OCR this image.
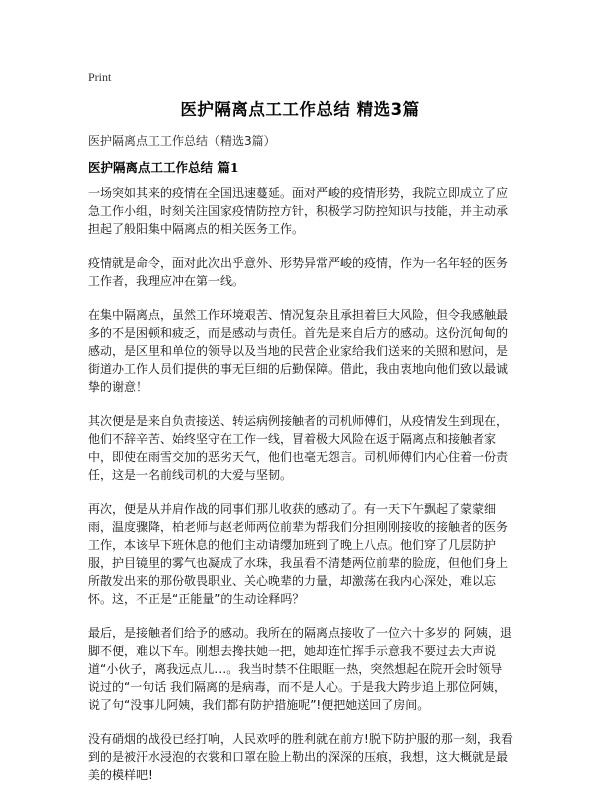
Print
医护隔离点工工作总结 精选3篇

医护隔离点工工作总结（精选3篇）

医护隔离点工工作总结 篇1

一场突如其来的疫情在全国迅速蔓延。面对严峻的疫情形势，我院立即成立了应急工作小组，时刻关注国家疫情防控方针，积极学习防控知识与技能，并主动承担起了般阳集中隔离点的相关医务工作。

疫情就是命令，面对此次出乎意外、形势异常严峻的疫情，作为一名年轻的医务工作者，我理应冲在第一线。

在集中隔离点，虽然工作环境艰苦、情况复杂且承担着巨大风险，但令我感触最多的不是困顿和疲乏，而是感动与责任。首先是来自后方的感动。这份沉甸甸的感动，是区里和单位的领导以及当地的民营企业家给我们送来的关照和慰问，是街道办工作人员们提供的事无巨细的后勤保障。借此，我由衷地向他们致以最诚挚的谢意！

其次便是是来自负责接送、转运病例接触者的司机师傅们，从疫情发生到现在，他们不辞辛苦、始终坚守在工作一线，冒着极大风险在返于隔离点和接触者家中，即使在雨雪交加的恶劣天气，他们也毫无怨言。司机师傅们内心住着一份责任，这是一名前线司机的大爱与坚韧。

再次，便是从并肩作战的同事们那儿收获的感动了。有一天下午飘起了蒙蒙细雨，温度骤降，柏老师与赵老师两位前辈为帮我们分担刚刚接收的接触者的医务工作，本该早下班休息的他们主动请缨加班到了晚上八点。他们穿了几层防护服，护目镜里的雾气也凝成了水珠，我虽看不清楚两位前辈的脸庞，但他们身上所散发出来的那份敬畏职业、关心晚辈的力量，却激荡在我内心深处，难以忘怀。这，不正是“正能量”的生动诠释吗？

最后，是接触者们给予的感动。我所在的隔离点接收了一位六十多岁的 阿姨，退脚不便，难以下车。刚想去搀扶她一把，她却连忙挥手示意我不要过去大声说道“小伙子，离我远点儿…。我当时禁不住眼眶一热，突然想起在院开会时领导说过的“一句话 我们隔离的是病毒，而不是人心。于是我大跨步追上那位阿姨，说了句“没事儿阿姨，我们都有防护措施呢”!便把她送回了房间。

没有硝烟的战役已经打响，人民欢呼的胜利就在前方!脱下防护服的那一刻，我看到的是被汗水浸泡的衣裳和口罩在脸上勒出的深深的压痕，我想，这大概就是最美的模样吧!
